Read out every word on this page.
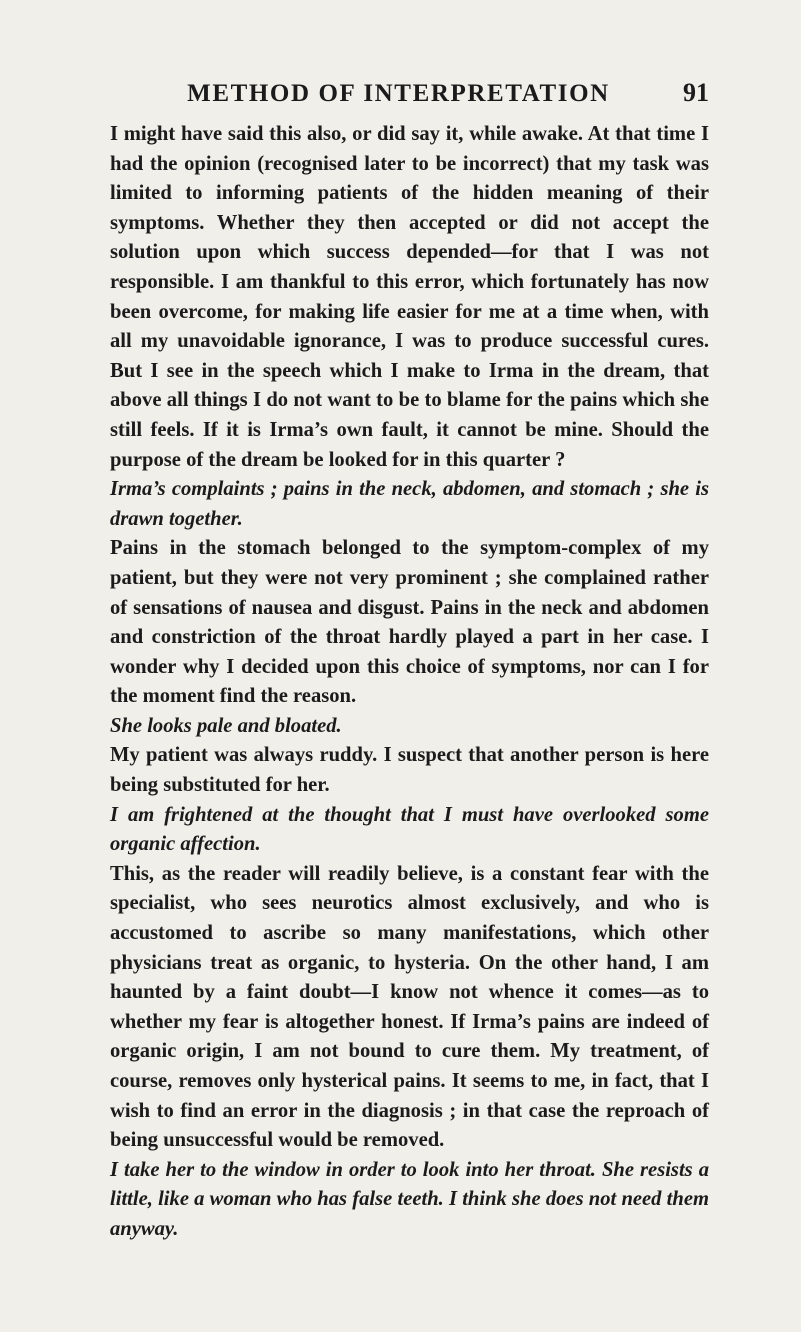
METHOD OF INTERPRETATION	91

I might have said this also, or did say it, while awake. At that time I had the opinion (recognised later to be incorrect) that my task was limited to informing patients of the hidden meaning of their symptoms. Whether they then accepted or did not accept the solution upon which success depended—for that I was not responsible. I am thankful to this error, which fortunately has now been overcome, for making life easier for me at a time when, with all my unavoidable ignorance, I was to produce successful cures. But I see in the speech which I make to Irma in the dream, that above all things I do not want to be to blame for the pains which she still feels. If it is Irma’s own fault, it cannot be mine. Should the purpose of the dream be looked for in this quarter ?

Irma’s complaints ; pains in the neck, abdomen, and stomach ; she is drawn together.

Pains in the stomach belonged to the symptom-complex of my patient, but they were not very prominent ; she complained rather of sensations of nausea and disgust. Pains in the neck and abdomen and constriction of the throat hardly played a part in her case. I wonder why I decided upon this choice of symptoms, nor can I for the moment find the reason.

She looks pale and bloated.

My patient was always ruddy. I suspect that another person is here being substituted for her.

I am frightened at the thought that I must have overlooked some organic affection.

This, as the reader will readily believe, is a constant fear with the specialist, who sees neurotics almost exclusively, and who is accustomed to ascribe so many manifestations, which other physicians treat as organic, to hysteria. On the other hand, I am haunted by a faint doubt—I know not whence it comes—as to whether my fear is altogether honest. If Irma’s pains are indeed of organic origin, I am not bound to cure them. My treatment, of course, removes only hysterical pains. It seems to me, in fact, that I wish to find an error in the diagnosis ; in that case the reproach of being unsuccessful would be removed.

I take her to the window in order to look into her throat. She resists a little, like a woman who has false teeth. I think she does not need them anyway.
